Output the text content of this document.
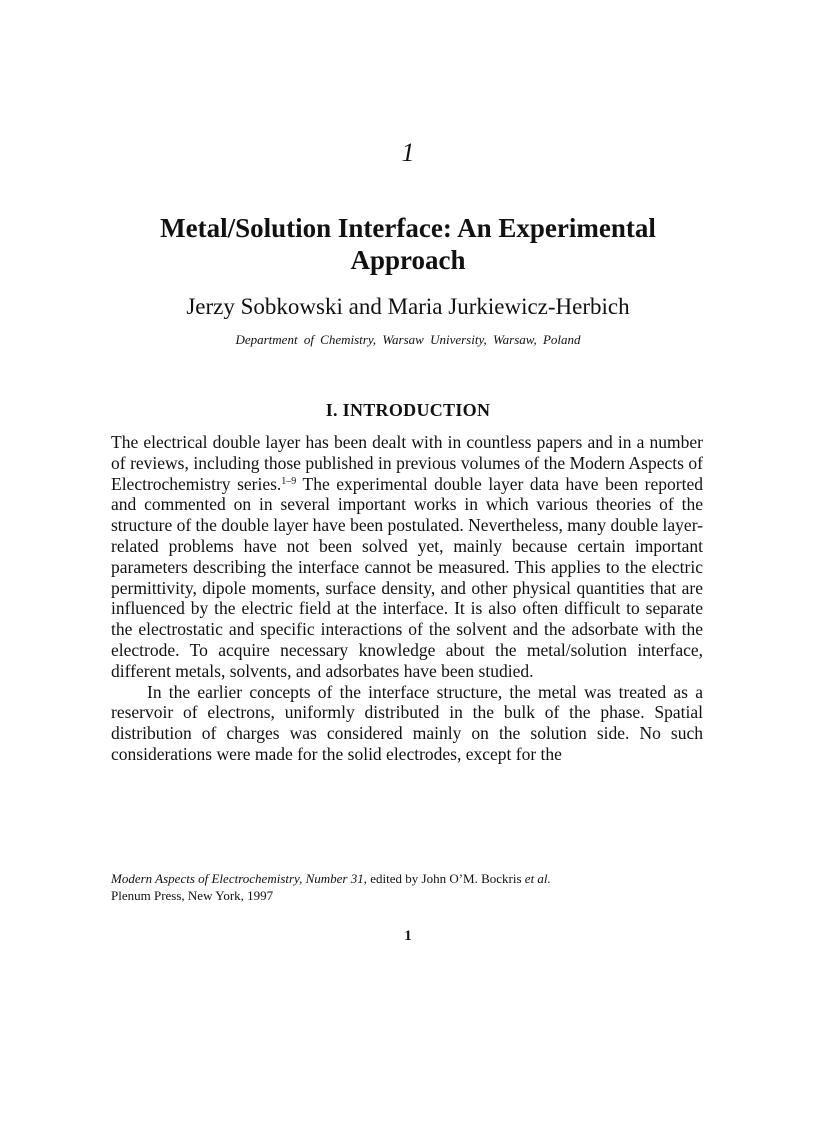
1
Metal/Solution Interface: An Experimental Approach
Jerzy Sobkowski and Maria Jurkiewicz-Herbich
Department of Chemistry, Warsaw University, Warsaw, Poland
I. INTRODUCTION

The electrical double layer has been dealt with in countless papers and in a number of reviews, including those published in previous volumes of the Modern Aspects of Electrochemistry series.$^{1-9}$ The experimental double layer data have been reported and commented on in several important works in which various theories of the structure of the double layer have been postulated. Nevertheless, many double layer-related problems have not been solved yet, mainly because certain important parameters describing the interface cannot be measured. This applies to the electric permittivity, dipole moments, surface density, and other physical quantities that are influenced by the electric field at the interface. It is also often difficult to separate the electrostatic and specific interactions of the solvent and the adsorbate with the electrode. To acquire necessary knowledge about the metal/solution interface, different metals, solvents, and adsorbates have been studied.

In the earlier concepts of the interface structure, the metal was treated as a reservoir of electrons, uniformly distributed in the bulk of the phase. Spatial distribution of charges was considered mainly on the solution side. No such considerations were made for the solid electrodes, except for the

Modern Aspects of Electrochemistry, Number 31, edited by John O’M. Bockris et al.
Plenum Press, New York, 1997
1
